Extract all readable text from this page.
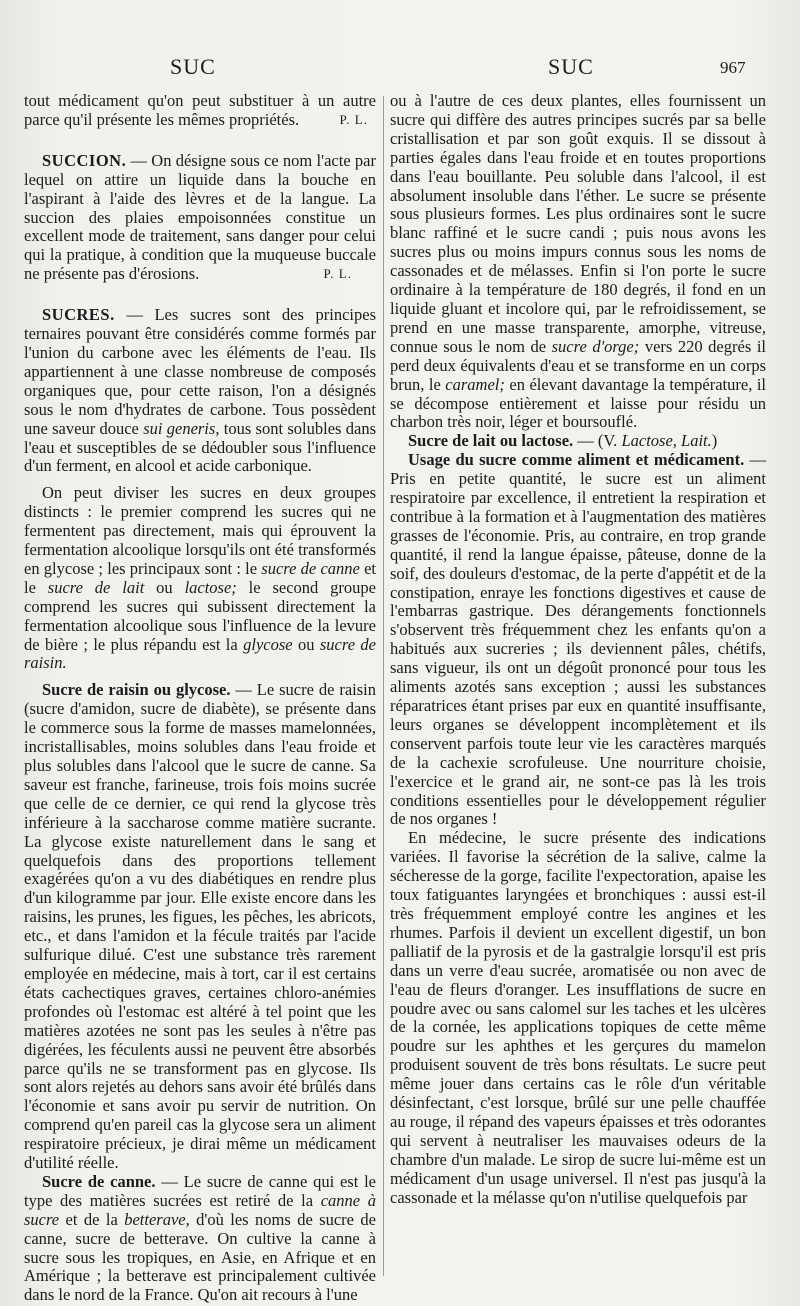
SUC	SUC	967

tout médicament qu'on peut substituer à un autre parce qu'il présente les mêmes propriétés.	P. L.

SUCCION. — On désigne sous ce nom l'acte par lequel on attire un liquide dans la bouche en l'aspirant à l'aide des lèvres et de la langue. La succion des plaies empoisonnées constitue un excellent mode de traitement, sans danger pour celui qui la pratique, à condition que la muqueuse buccale ne présente pas d'érosions.	P. L.

SUCRES. — Les sucres sont des principes ternaires pouvant être considérés comme formés par l'union du carbone avec les éléments de l'eau. Ils appartiennent à une classe nombreuse de composés organiques que, pour cette raison, l'on a désignés sous le nom d'hydrates de carbone. Tous possèdent une saveur douce sui generis, tous sont solubles dans l'eau et susceptibles de se dédoubler sous l'influence d'un ferment, en alcool et acide carbonique.

On peut diviser les sucres en deux groupes distincts : le premier comprend les sucres qui ne fermentent pas directement, mais qui éprouvent la fermentation alcoolique lorsqu'ils ont été transformés en glycose ; les principaux sont : le sucre de canne et le sucre de lait ou lactose; le second groupe comprend les sucres qui subissent directement la fermentation alcoolique sous l'influence de la levure de bière ; le plus répandu est la glycose ou sucre de raisin.

Sucre de raisin ou glycose. — Le sucre de raisin (sucre d'amidon, sucre de diabète), se présente dans le commerce sous la forme de masses mamelonnées, incristallisables, moins solubles dans l'eau froide et plus solubles dans l'alcool que le sucre de canne. Sa saveur est franche, farineuse, trois fois moins sucrée que celle de ce dernier, ce qui rend la glycose très inférieure à la saccharose comme matière sucrante. La glycose existe naturellement dans le sang et quelquefois dans des proportions tellement exagérées qu'on a vu des diabétiques en rendre plus d'un kilogramme par jour. Elle existe encore dans les raisins, les prunes, les figues, les pêches, les abricots, etc., et dans l'amidon et la fécule traités par l'acide sulfurique dilué. C'est une substance très rarement employée en médecine, mais à tort, car il est certains états cachectiques graves, certaines chloro-anémies profondes où l'estomac est altéré à tel point que les matières azotées ne sont pas les seules à n'être pas digérées, les féculents aussi ne peuvent être absorbés parce qu'ils ne se transforment pas en glycose. Ils sont alors rejetés au dehors sans avoir été brûlés dans l'économie et sans avoir pu servir de nutrition. On comprend qu'en pareil cas la glycose sera un aliment respiratoire précieux, je dirai même un médicament d'utilité réelle.

Sucre de canne. — Le sucre de canne qui est le type des matières sucrées est retiré de la canne à sucre et de la betterave, d'où les noms de sucre de canne, sucre de betterave. On cultive la canne à sucre sous les tropiques, en Asie, en Afrique et en Amérique ; la betterave est principalement cultivée dans le nord de la France. Qu'on ait recours à l'une

ou à l'autre de ces deux plantes, elles fournissent un sucre qui diffère des autres principes sucrés par sa belle cristallisation et par son goût exquis. Il se dissout à parties égales dans l'eau froide et en toutes proportions dans l'eau bouillante. Peu soluble dans l'alcool, il est absolument insoluble dans l'éther. Le sucre se présente sous plusieurs formes. Les plus ordinaires sont le sucre blanc raffiné et le sucre candi ; puis nous avons les sucres plus ou moins impurs connus sous les noms de cassonades et de mélasses. Enfin si l'on porte le sucre ordinaire à la température de 180 degrés, il fond en un liquide gluant et incolore qui, par le refroidissement, se prend en une masse transparente, amorphe, vitreuse, connue sous le nom de sucre d'orge; vers 220 degrés il perd deux équivalents d'eau et se transforme en un corps brun, le caramel; en élevant davantage la température, il se décompose entièrement et laisse pour résidu un charbon très noir, léger et boursouflé.

Sucre de lait ou lactose. — (V. Lactose, Lait.)

Usage du sucre comme aliment et médicament. — Pris en petite quantité, le sucre est un aliment respiratoire par excellence, il entretient la respiration et contribue à la formation et à l'augmentation des matières grasses de l'économie. Pris, au contraire, en trop grande quantité, il rend la langue épaisse, pâteuse, donne de la soif, des douleurs d'estomac, de la perte d'appétit et de la constipation, enraye les fonctions digestives et cause de l'embarras gastrique. Des dérangements fonctionnels s'observent très fréquemment chez les enfants qu'on a habitués aux sucreries ; ils deviennent pâles, chétifs, sans vigueur, ils ont un dégoût prononcé pour tous les aliments azotés sans exception ; aussi les substances réparatrices étant prises par eux en quantité insuffisante, leurs organes se développent incomplètement et ils conservent parfois toute leur vie les caractères marqués de la cachexie scrofuleuse. Une nourriture choisie, l'exercice et le grand air, ne sont-ce pas là les trois conditions essentielles pour le développement régulier de nos organes !

En médecine, le sucre présente des indications variées. Il favorise la sécrétion de la salive, calme la sécheresse de la gorge, facilite l'expectoration, apaise les toux fatiguantes laryngées et bronchiques : aussi est-il très fréquemment employé contre les angines et les rhumes. Parfois il devient un excellent digestif, un bon palliatif de la pyrosis et de la gastralgie lorsqu'il est pris dans un verre d'eau sucrée, aromatisée ou non avec de l'eau de fleurs d'oranger. Les insufflations de sucre en poudre avec ou sans calomel sur les taches et les ulcères de la cornée, les applications topiques de cette même poudre sur les aphthes et les gerçures du mamelon produisent souvent de très bons résultats. Le sucre peut même jouer dans certains cas le rôle d'un véritable désinfectant, c'est lorsque, brûlé sur une pelle chauffée au rouge, il répand des vapeurs épaisses et très odorantes qui servent à neutraliser les mauvaises odeurs de la chambre d'un malade. Le sirop de sucre lui-même est un médicament d'un usage universel. Il n'est pas jusqu'à la cassonade et la mélasse qu'on n'utilise quelquefois par
